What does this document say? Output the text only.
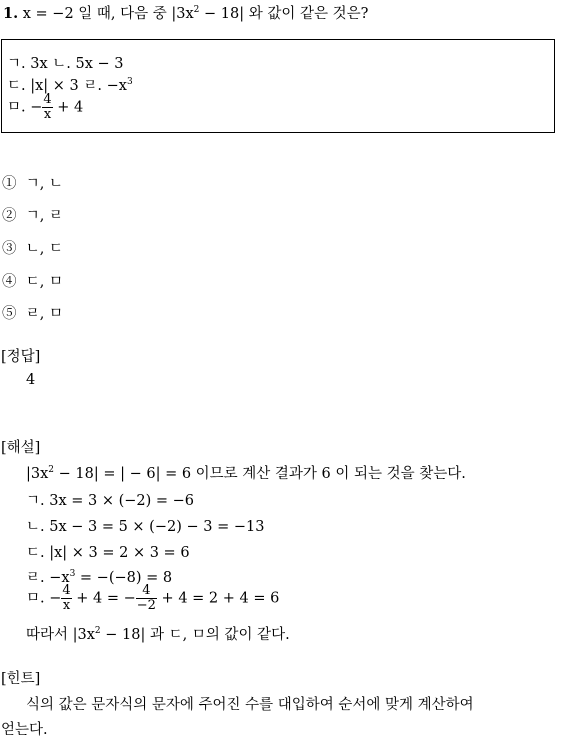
1. x = −2 일 때, 다음 중 $|3x^2 - 18|$ 와 값이 같은 것은?
ㄱ. 3x ㄴ. 5x − 3
ㄷ. |x| × 3 ㄹ. $-x^3$
ㅁ. − $\frac{4}{x} + 4$
① ㄱ, ㄴ
② ㄱ, ㄹ
③ ㄴ, ㄷ
④ ㄷ, ㅁ
⑤ ㄹ, ㅁ
[정답]
4
[해설]
$|3x^2 - 18|$ = | − 6| = 6 이므로 계산 결과가 6 이 되는 것을 찾는다.
ㄱ. 3x = 3 × (−2) = −6
ㄴ. 5x − 3 = 5 × (−2) − 3 = −13
ㄷ. |x| × 3 = 2 × 3 = 6
ㄹ. $-x^3 = -(-8) = 8$
ㅁ. − $\frac{4}{x} + 4$ = − $\frac{4}{-2} + 4 = 2 + 4 = 6$
따라서 $|3x^2 - 18|$ 과 ㄷ, ㅁ의 값이 같다.
[힌트]
식의 값은 문자식의 문자에 주어진 수를 대입하여 순서에 맞게 계산하여
얻는다.
